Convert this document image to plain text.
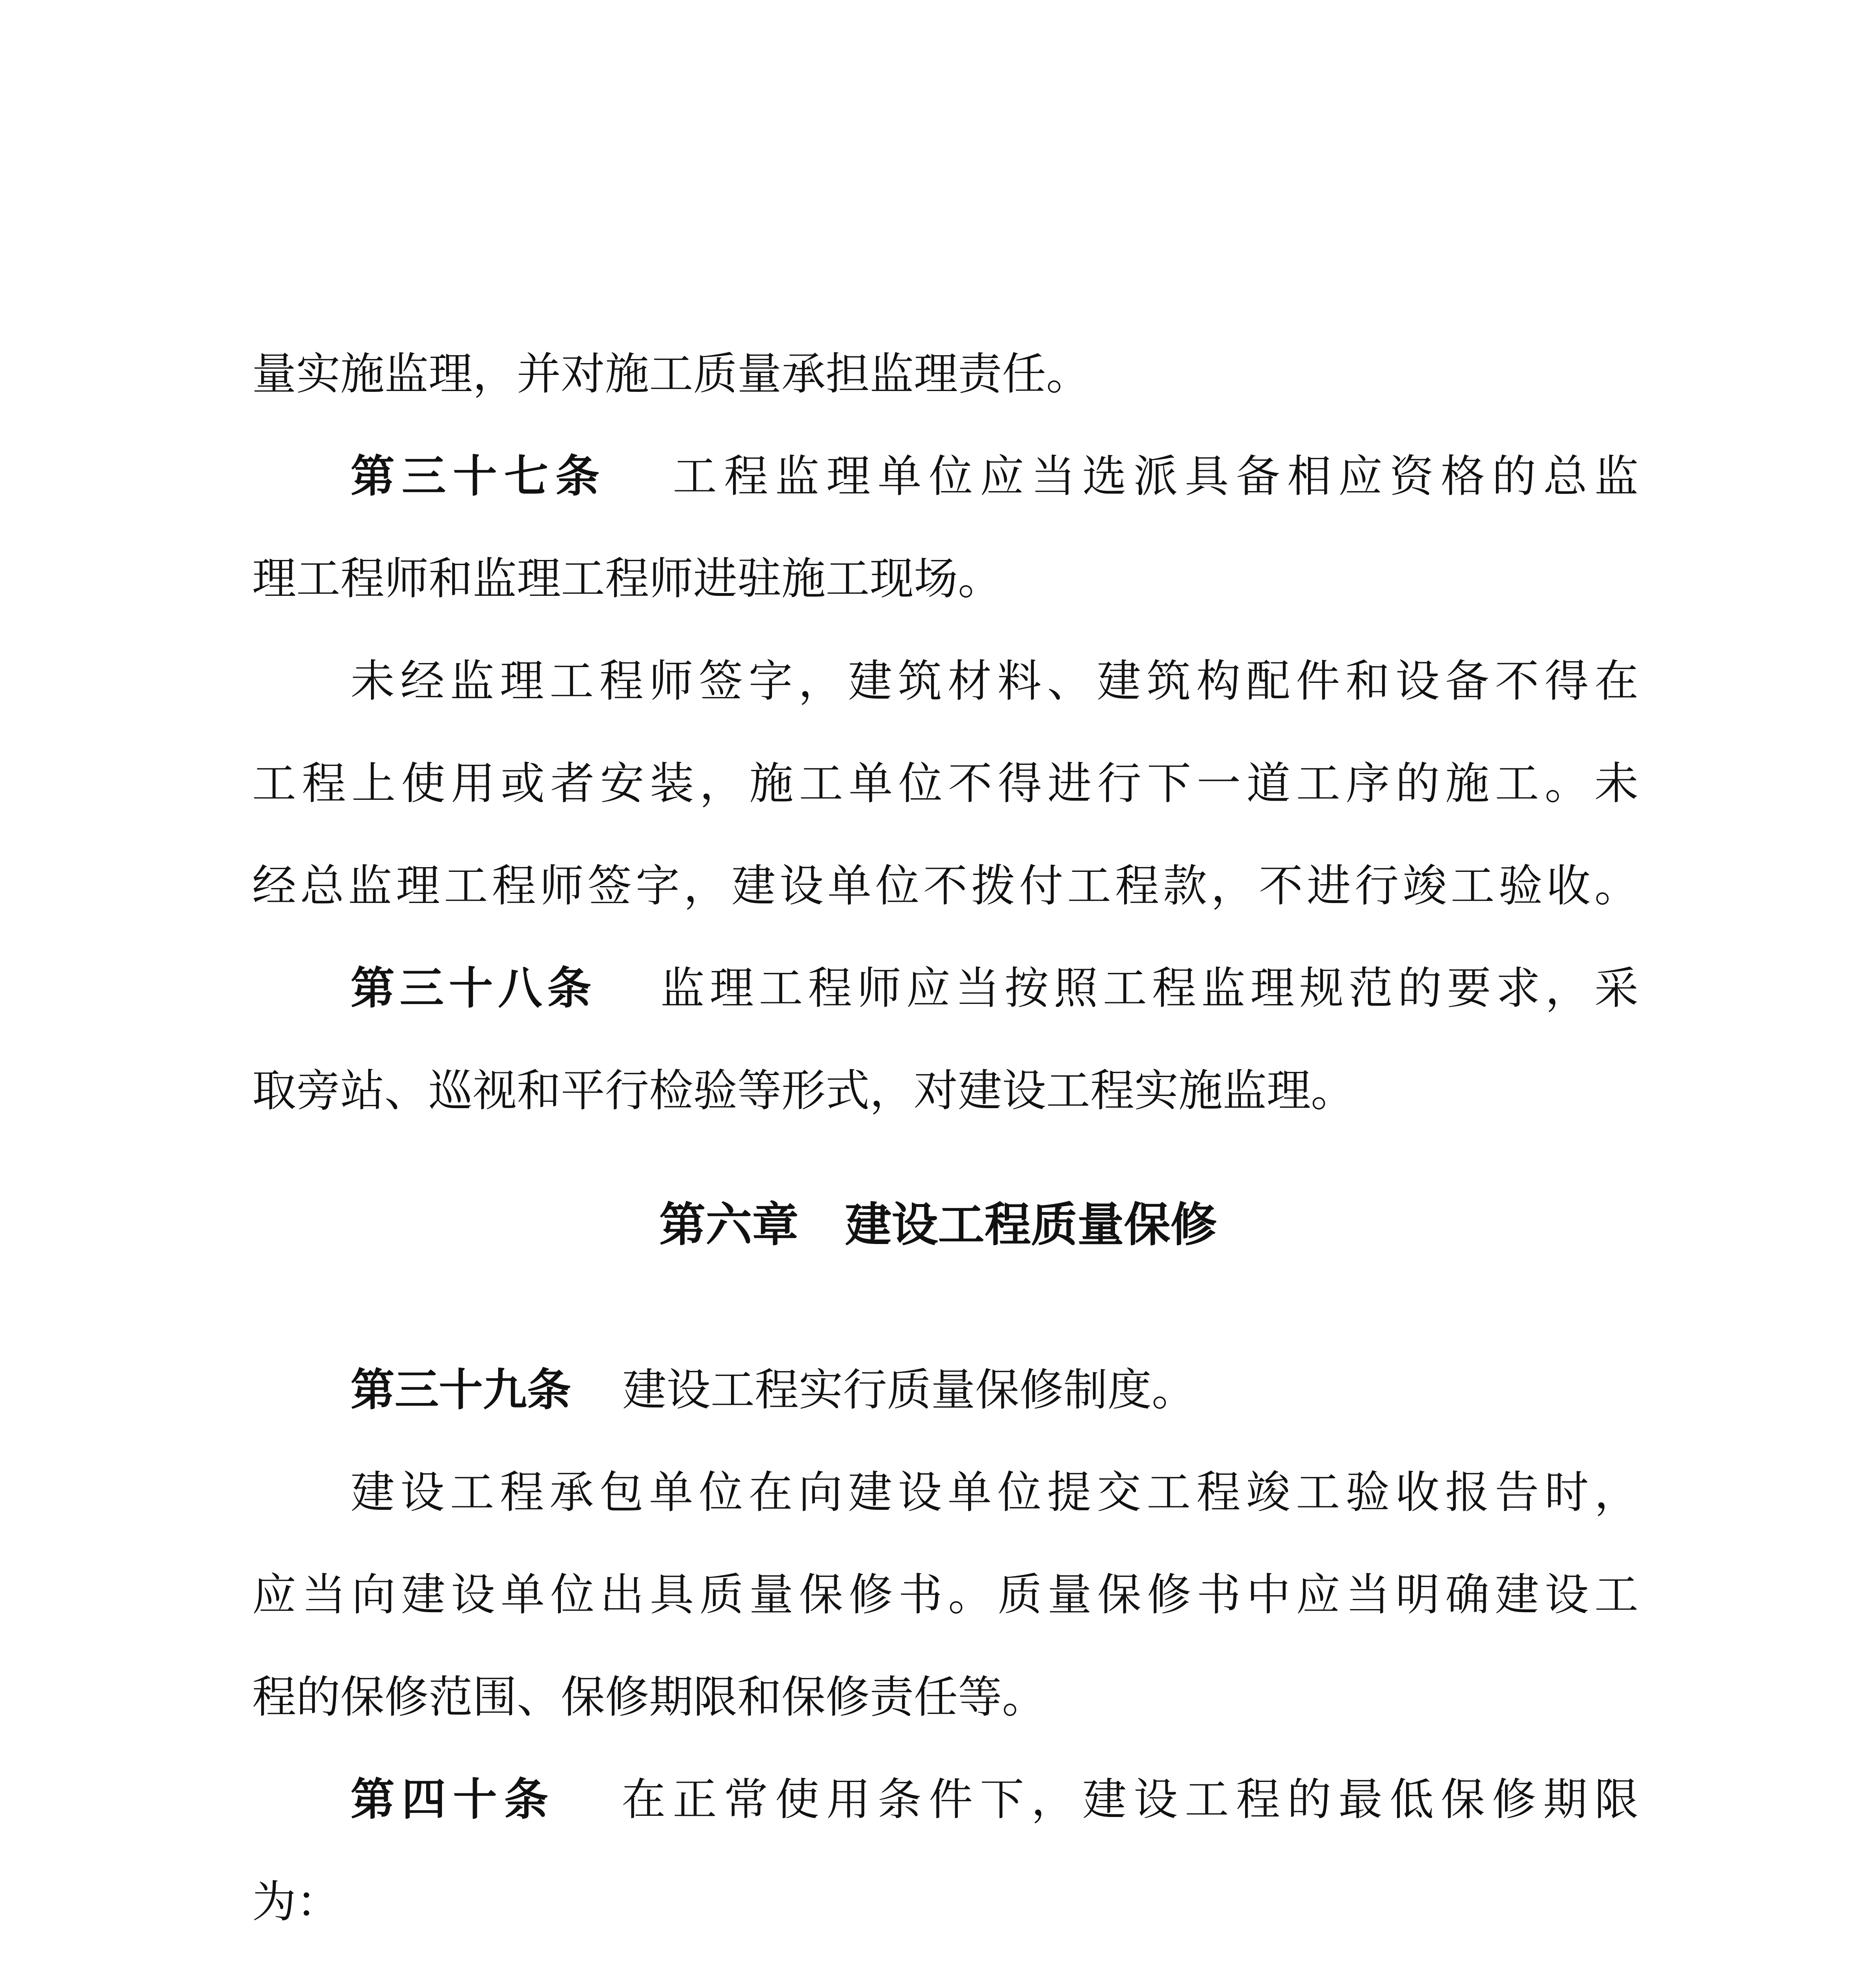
量实施监理，并对施工质量承担监理责任。
第三十七条 工程监理单位应当选派具备相应资格的总监
理工程师和监理工程师进驻施工现场。
未经监理工程师签字，建筑材料、建筑构配件和设备不得在
工程上使用或者安装，施工单位不得进行下一道工序的施工。未
经总监理工程师签字，建设单位不拨付工程款，不进行竣工验收。
第三十八条 监理工程师应当按照工程监理规范的要求，采
取旁站、巡视和平行检验等形式，对建设工程实施监理。
第六章　建设工程质量保修
第三十九条 建设工程实行质量保修制度。
建设工程承包单位在向建设单位提交工程竣工验收报告时，
应当向建设单位出具质量保修书。质量保修书中应当明确建设工
程的保修范围、保修期限和保修责任等。
第四十条 在正常使用条件下，建设工程的最低保修期限
为：
